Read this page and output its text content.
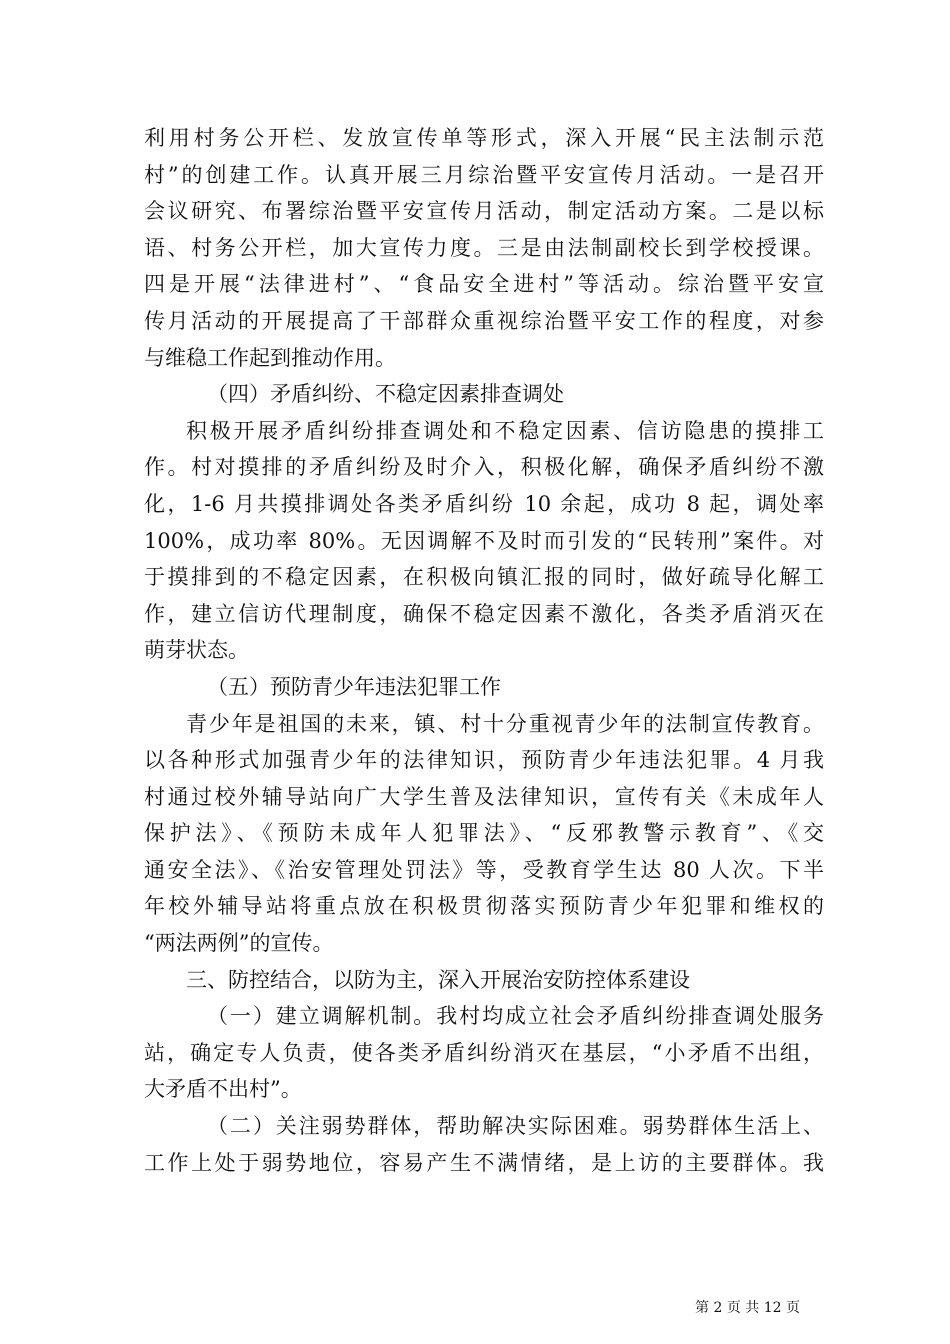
利用村务公开栏、发放宣传单等形式，深入开展“民主法制示范
村”的创建工作。认真开展三月综治暨平安宣传月活动。一是召开
会议研究、布署综治暨平安宣传月活动，制定活动方案。二是以标
语、村务公开栏，加大宣传力度。三是由法制副校长到学校授课。
四是开展“法律进村”、“食品安全进村”等活动。综治暨平安宣
传月活动的开展提高了干部群众重视综治暨平安工作的程度，对参
与维稳工作起到推动作用。
（四）矛盾纠纷、不稳定因素排查调处
积极开展矛盾纠纷排查调处和不稳定因素、信访隐患的摸排工
作。村对摸排的矛盾纠纷及时介入，积极化解，确保矛盾纠纷不激
化，1-6 月共摸排调处各类矛盾纠纷 10 余起，成功 8 起，调处率
100%，成功率 80%。无因调解不及时而引发的“民转刑”案件。对
于摸排到的不稳定因素，在积极向镇汇报的同时，做好疏导化解工
作，建立信访代理制度，确保不稳定因素不激化，各类矛盾消灭在
萌芽状态。
（五）预防青少年违法犯罪工作
青少年是祖国的未来，镇、村十分重视青少年的法制宣传教育。
以各种形式加强青少年的法律知识，预防青少年违法犯罪。4 月我
村通过校外辅导站向广大学生普及法律知识，宣传有关《未成年人
保护法》、《预防未成年人犯罪法》、“反邪教警示教育”、《交
通安全法》、《治安管理处罚法》等，受教育学生达 80 人次。下半
年校外辅导站将重点放在积极贯彻落实预防青少年犯罪和维权的
“两法两例”的宣传。
三、防控结合，以防为主，深入开展治安防控体系建设
（一）建立调解机制。我村均成立社会矛盾纠纷排查调处服务
站，确定专人负责，使各类矛盾纠纷消灭在基层，“小矛盾不出组，
大矛盾不出村”。
（二）关注弱势群体，帮助解决实际困难。弱势群体生活上、
工作上处于弱势地位，容易产生不满情绪，是上访的主要群体。我
第 2 页 共 12 页
